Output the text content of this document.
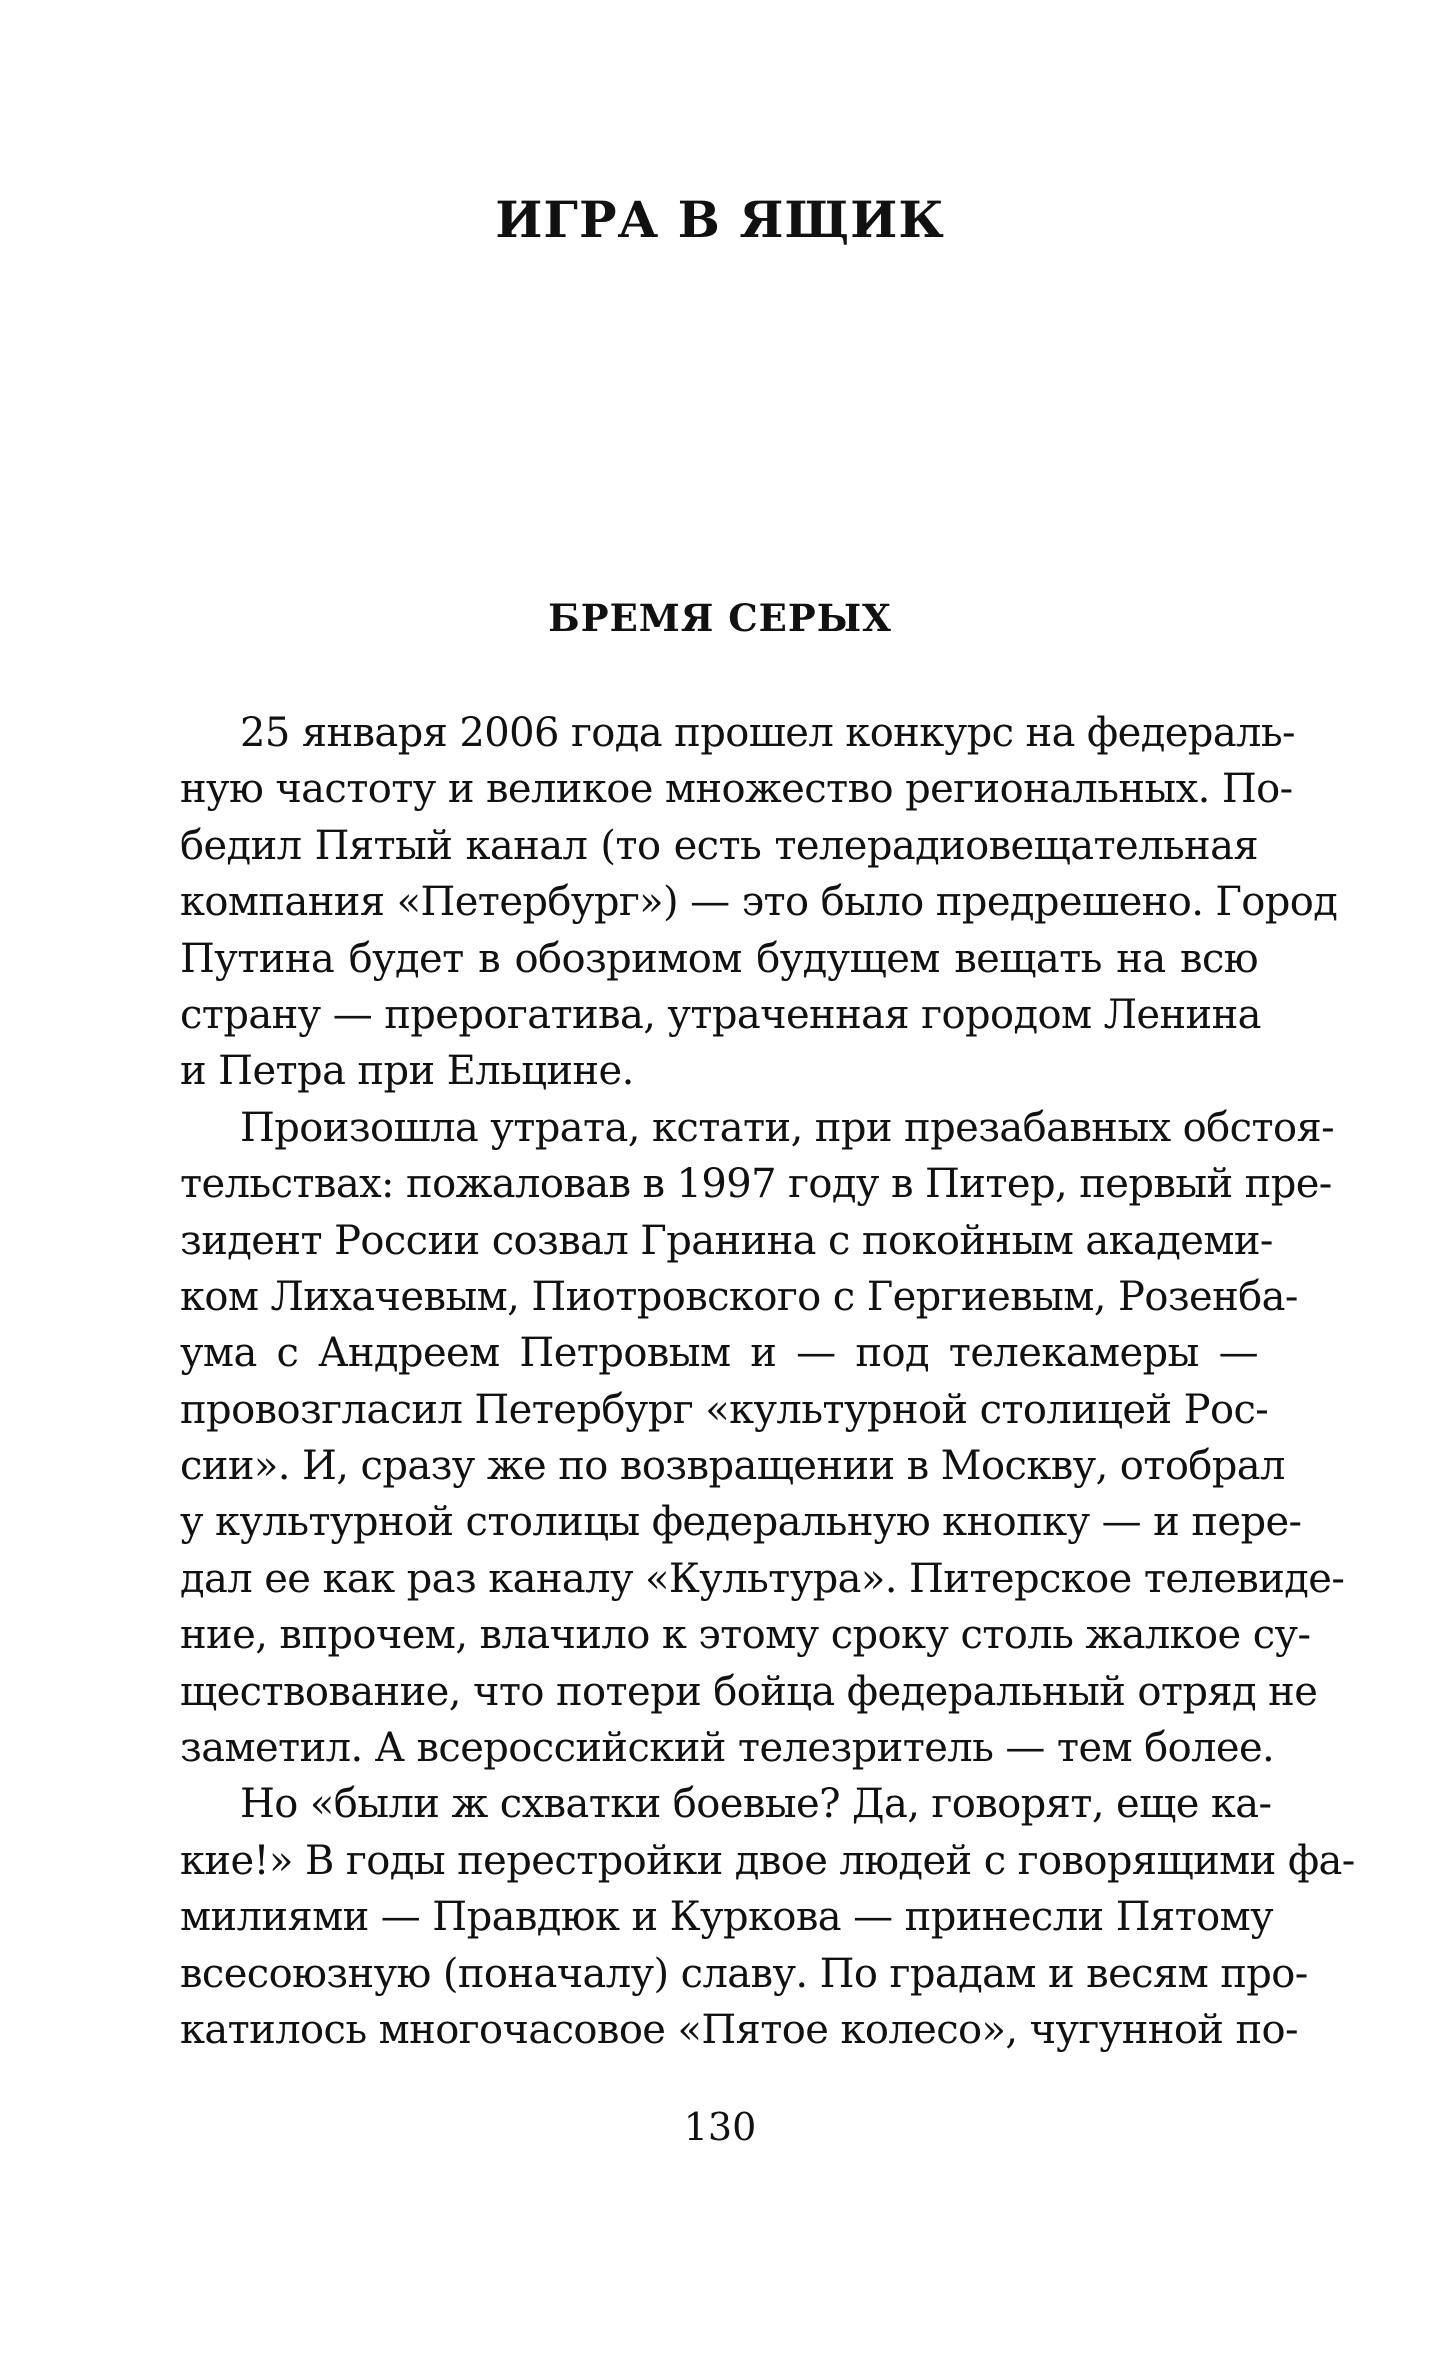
ИГРА В ЯЩИК
БРЕМЯ СЕРЫХ
25 января 2006 года прошел конкурс на федераль-
ную частоту и великое множество региональных. По-
бедил Пятый канал (то есть телерадиовещательная
компания «Петербург») — это было предрешено. Город
Путина будет в обозримом будущем вещать на всю
страну — прерогатива, утраченная городом Ленина
и Петра при Ельцине.
Произошла утрата, кстати, при презабавных обстоя-
тельствах: пожаловав в 1997 году в Питер, первый пре-
зидент России созвал Гранина с покойным академи-
ком Лихачевым, Пиотровского с Гергиевым, Розенба-
ума с Андреем Петровым и — под телекамеры —
провозгласил Петербург «культурной столицей Рос-
сии». И, сразу же по возвращении в Москву, отобрал
у культурной столицы федеральную кнопку — и пере-
дал ее как раз каналу «Культура». Питерское телевиде-
ние, впрочем, влачило к этому сроку столь жалкое су-
ществование, что потери бойца федеральный отряд не
заметил. А всероссийский телезритель — тем более.
Но «были ж схватки боевые? Да, говорят, еще ка-
кие!» В годы перестройки двое людей с говорящими фа-
милиями — Правдюк и Куркова — принесли Пятому
всесоюзную (поначалу) славу. По градам и весям про-
катилось многочасовое «Пятое колесо», чугунной по-

130
